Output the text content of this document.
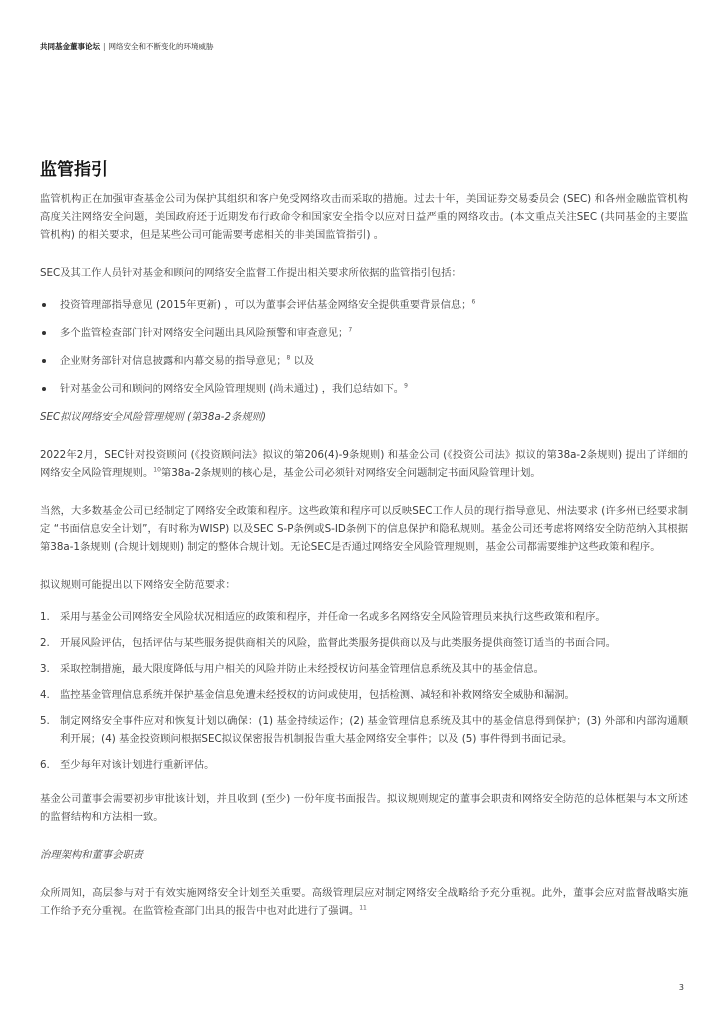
共同基金董事论坛 | 网络安全和不断变化的环境威胁
监管指引

监管机构正在加强审查基金公司为保护其组织和客户免受网络攻击而采取的措施。过去十年，美国证券交易委员会 (SEC) 和各州金融监管机构高度关注网络安全问题，美国政府还于近期发布行政命令和国家安全指令以应对日益严重的网络攻击。(本文重点关注SEC (共同基金的主要监管机构) 的相关要求，但是某些公司可能需要考虑相关的非美国监管指引) 。

SEC及其工作人员针对基金和顾问的网络安全监督工作提出相关要求所依据的监管指引包括：

投资管理部指导意见 (2015年更新) ，可以为董事会评估基金网络安全提供重要背景信息；$^6$
多个监管检查部门针对网络安全问题出具风险预警和审查意见；$^7$
企业财务部针对信息披露和内幕交易的指导意见；$^8$ 以及
针对基金公司和顾问的网络安全风险管理规则 (尚未通过) ，我们总结如下。$^9$

SEC拟议网络安全风险管理规则 (第38a-2条规则)

2022年2月，SEC针对投资顾问 (《投资顾问法》拟议的第206(4)-9条规则) 和基金公司 (《投资公司法》拟议的第38a-2条规则) 提出了详细的网络安全风险管理规则。$^{10}$第38a-2条规则的核心是，基金公司必须针对网络安全问题制定书面风险管理计划。

当然，大多数基金公司已经制定了网络安全政策和程序。这些政策和程序可以反映SEC工作人员的现行指导意见、州法要求 (许多州已经要求制定 “书面信息安全计划”，有时称为WISP) 以及SEC S-P条例或S-ID条例下的信息保护和隐私规则。基金公司还考虑将网络安全防范纳入其根据第38a-1条规则 (合规计划规则) 制定的整体合规计划。无论SEC是否通过网络安全风险管理规则，基金公司都需要维护这些政策和程序。

拟议规则可能提出以下网络安全防范要求：

1. 采用与基金公司网络安全风险状况相适应的政策和程序，并任命一名或多名网络安全风险管理员来执行这些政策和程序。
2. 开展风险评估，包括评估与某些服务提供商相关的风险，监督此类服务提供商以及与此类服务提供商签订适当的书面合同。
3. 采取控制措施，最大限度降低与用户相关的风险并防止未经授权访问基金管理信息系统及其中的基金信息。
4. 监控基金管理信息系统并保护基金信息免遭未经授权的访问或使用，包括检测、减轻和补救网络安全威胁和漏洞。
5. 制定网络安全事件应对和恢复计划以确保：(1) 基金持续运作；(2) 基金管理信息系统及其中的基金信息得到保护；(3) 外部和内部沟通顺利开展；(4) 基金投资顾问根据SEC拟议保密报告机制报告重大基金网络安全事件；以及 (5) 事件得到书面记录。
6. 至少每年对该计划进行重新评估。

基金公司董事会需要初步审批该计划，并且收到 (至少) 一份年度书面报告。拟议规则规定的董事会职责和网络安全防范的总体框架与本文所述的监督结构和方法相一致。

治理架构和董事会职责

众所周知，高层参与对于有效实施网络安全计划至关重要。高级管理层应对制定网络安全战略给予充分重视。此外，董事会应对监督战略实施工作给予充分重视。在监管检查部门出具的报告中也对此进行了强调。$^{11}$

3
